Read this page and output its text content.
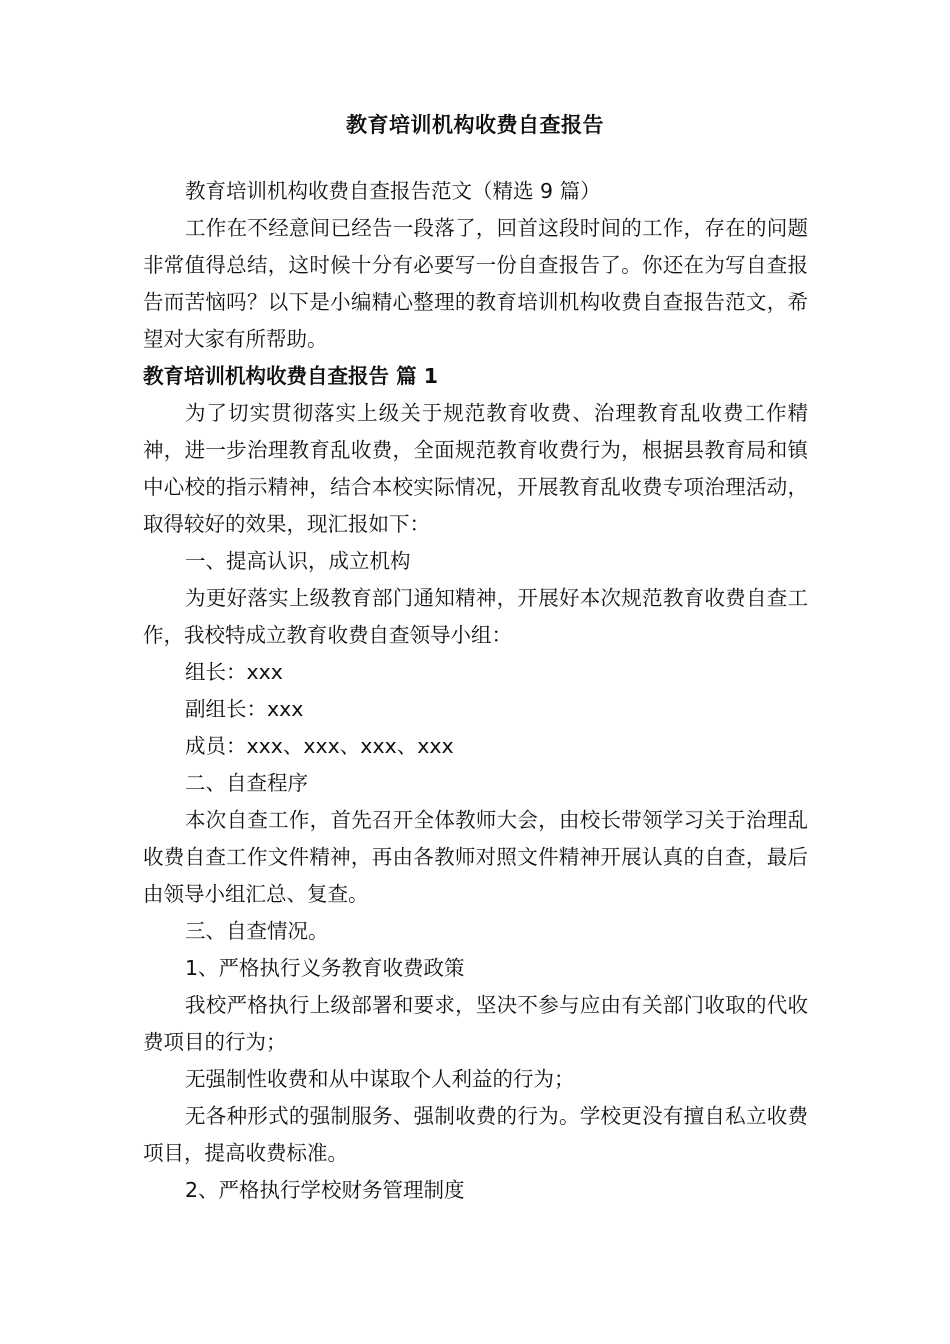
教育培训机构收费自查报告

教育培训机构收费自查报告范文（精选 9 篇）

工作在不经意间已经告一段落了，回首这段时间的工作，存在的问题非常值得总结，这时候十分有必要写一份自查报告了。你还在为写自查报告而苦恼吗？以下是小编精心整理的教育培训机构收费自查报告范文，希望对大家有所帮助。

教育培训机构收费自查报告 篇 1

为了切实贯彻落实上级关于规范教育收费、治理教育乱收费工作精神，进一步治理教育乱收费，全面规范教育收费行为，根据县教育局和镇中心校的指示精神，结合本校实际情况，开展教育乱收费专项治理活动，取得较好的效果，现汇报如下：

一、提高认识，成立机构

为更好落实上级教育部门通知精神，开展好本次规范教育收费自查工作，我校特成立教育收费自查领导小组：

组长：xxx

副组长：xxx

成员：xxx、xxx、xxx、xxx

二、自查程序

本次自查工作，首先召开全体教师大会，由校长带领学习关于治理乱收费自查工作文件精神，再由各教师对照文件精神开展认真的自查，最后由领导小组汇总、复查。

三、自查情况。

1、严格执行义务教育收费政策

我校严格执行上级部署和要求，坚决不参与应由有关部门收取的代收费项目的行为；

无强制性收费和从中谋取个人利益的行为；

无各种形式的强制服务、强制收费的行为。学校更没有擅自私立收费项目，提高收费标准。

2、严格执行学校财务管理制度
